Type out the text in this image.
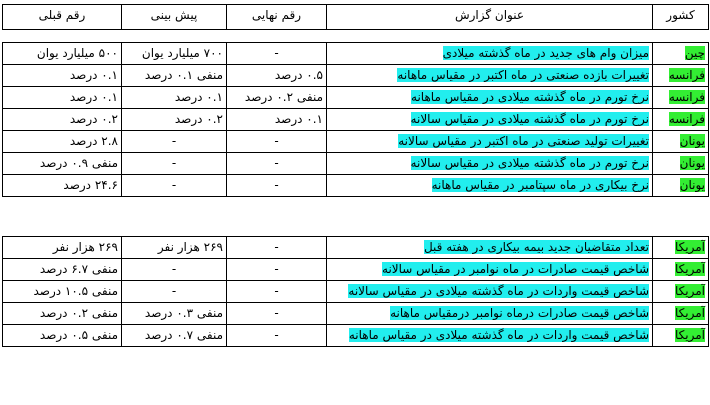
کشور	عنوان گزارش	رقم نهایی	پیش بینی	رقم قبلی
چین	میزان وام های جدید در ماه گذشته میلادی	-	۷۰۰ میلیارد یوان	۵۰۰ میلیارد یوان
فرانسه	تغییرات بازده صنعتی در ماه اکتبر در مقیاس ماهانه	۰.۵ درصد	منفی ۰.۱ درصد	۰.۱ درصد
فرانسه	نرخ تورم در ماه گذشته میلادی در مقیاس ماهانه	منفی ۰.۲ درصد	۰.۱ درصد	۰.۱ درصد
فرانسه	نرخ تورم در ماه گذشته میلادی در مقیاس سالانه	۰.۱ درصد	۰.۲ درصد	۰.۲ درصد
یونان	تغییرات تولید صنعتی در ماه اکتبر در مقیاس سالانه	-	-	۲.۸ درصد
یونان	نرخ تورم در ماه گذشته میلادی در مقیاس سالانه	-	-	منفی ۰.۹ درصد
یونان	نرخ بیکاری در ماه سپتامبر در مقیاس ماهانه	-	-	۲۴.۶ درصد
آمریکا	تعداد متقاضیان جدید بیمه بیکاری در هفته قبل	-	۲۶۹ هزار نفر	۲۶۹ هزار نفر
آمریکا	شاخص قیمت صادرات در ماه نوامبر در مقیاس سالانه	-	-	منفی ۶.۷ درصد
آمریکا	شاخص قیمت واردات در ماه گذشته میلادی در مقیاس سالانه	-	-	منفی ۱۰.۵ درصد
آمریکا	شاخص قیمت صادرات درماه نوامبر درمقیاس ماهانه	-	منفی ۰.۳ درصد	منفی ۰.۲ درصد
آمریکا	شاخص قیمت واردات در ماه گذشته میلادی در مقیاس ماهانه	-	منفی ۰.۷ درصد	منفی ۰.۵ درصد
